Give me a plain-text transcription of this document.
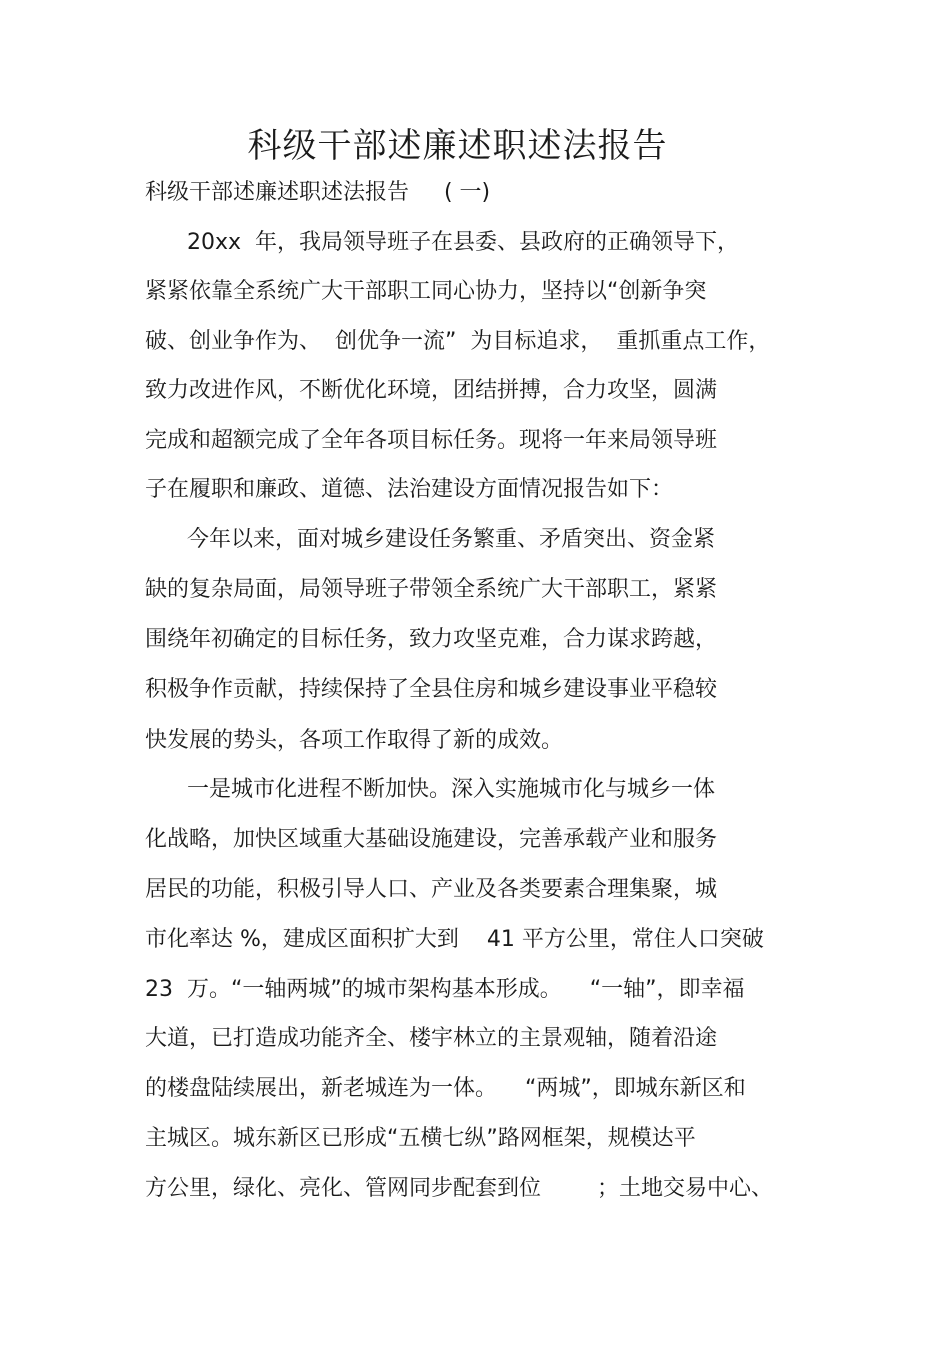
科级干部述廉述职述法报告
科级干部述廉述职述法报告     ( 一)
20xx  年，我局领导班子在县委、县政府的正确领导下，
紧紧依靠全系统广大干部职工同心协力，坚持以“创新争突
破、创业争作为、  创优争一流”  为目标追求，  重抓重点工作，
致力改进作风，不断优化环境，团结拼搏，合力攻坚，圆满
完成和超额完成了全年各项目标任务。现将一年来局领导班
子在履职和廉政、道德、法治建设方面情况报告如下：
今年以来，面对城乡建设任务繁重、矛盾突出、资金紧
缺的复杂局面，局领导班子带领全系统广大干部职工，紧紧
围绕年初确定的目标任务，致力攻坚克难，合力谋求跨越，
积极争作贡献，持续保持了全县住房和城乡建设事业平稳较
快发展的势头，各项工作取得了新的成效。
一是城市化进程不断加快。深入实施城市化与城乡一体
化战略，加快区域重大基础设施建设，完善承载产业和服务
居民的功能，积极引导人口、产业及各类要素合理集聚，城
市化率达 %，建成区面积扩大到    41 平方公里，常住人口突破
23  万。“一轴两城”的城市架构基本形成。    “一轴”，即幸福
大道，已打造成功能齐全、楼宇林立的主景观轴，随着沿途
的楼盘陆续展出，新老城连为一体。    “两城”，即城东新区和
主城区。城东新区已形成“五横七纵”路网框架，规模达平
方公里，绿化、亮化、管网同步配套到位        ；土地交易中心、
